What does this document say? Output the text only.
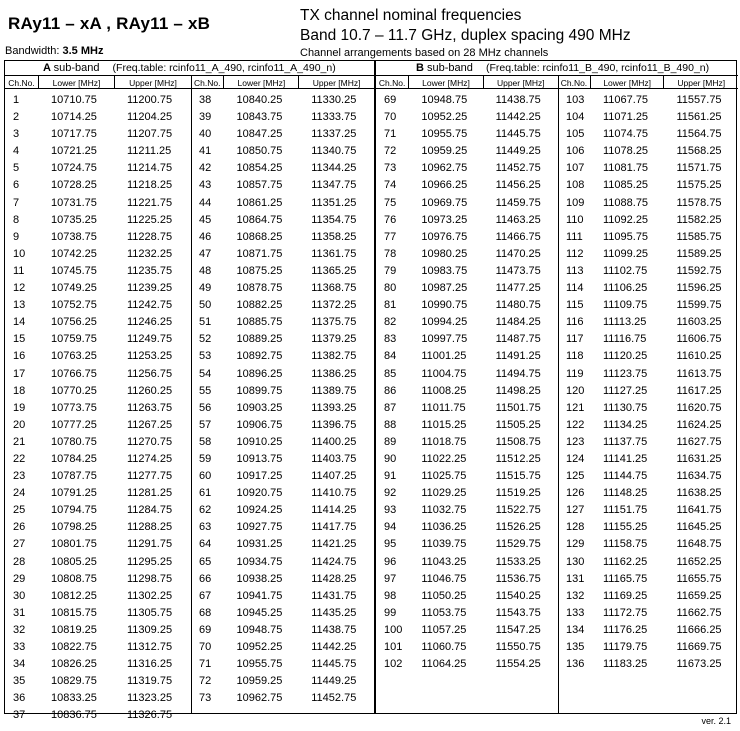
RAy11 – xA , RAy11 – xB
Bandwidth: 3.5 MHz
TX channel nominal frequencies
Band 10.7 – 11.7 GHz, duplex spacing 490 MHz
Channel arrangements based on 28 MHz channels
A sub-band (Freq.table: rcinfo11_A_490, rcinfo11_A_490_n)
Ch.No.	Lower [MHz]	Upper [MHz]
1	10710.75	11200.75
2	10714.25	11204.25
3	10717.75	11207.75
4	10721.25	11211.25
5	10724.75	11214.75
6	10728.25	11218.25
7	10731.75	11221.75
8	10735.25	11225.25
9	10738.75	11228.75
10	10742.25	11232.25
11	10745.75	11235.75
12	10749.25	11239.25
13	10752.75	11242.75
14	10756.25	11246.25
15	10759.75	11249.75
16	10763.25	11253.25
17	10766.75	11256.75
18	10770.25	11260.25
19	10773.75	11263.75
20	10777.25	11267.25
21	10780.75	11270.75
22	10784.25	11274.25
23	10787.75	11277.75
24	10791.25	11281.25
25	10794.75	11284.75
26	10798.25	11288.25
27	10801.75	11291.75
28	10805.25	11295.25
29	10808.75	11298.75
30	10812.25	11302.25
31	10815.75	11305.75
32	10819.25	11309.25
33	10822.75	11312.75
34	10826.25	11316.25
35	10829.75	11319.75
36	10833.25	11323.25
37	10836.75	11326.75
Ch.No.	Lower [MHz]	Upper [MHz]
38	10840.25	11330.25
39	10843.75	11333.75
40	10847.25	11337.25
41	10850.75	11340.75
42	10854.25	11344.25
43	10857.75	11347.75
44	10861.25	11351.25
45	10864.75	11354.75
46	10868.25	11358.25
47	10871.75	11361.75
48	10875.25	11365.25
49	10878.75	11368.75
50	10882.25	11372.25
51	10885.75	11375.75
52	10889.25	11379.25
53	10892.75	11382.75
54	10896.25	11386.25
55	10899.75	11389.75
56	10903.25	11393.25
57	10906.75	11396.75
58	10910.25	11400.25
59	10913.75	11403.75
60	10917.25	11407.25
61	10920.75	11410.75
62	10924.25	11414.25
63	10927.75	11417.75
64	10931.25	11421.25
65	10934.75	11424.75
66	10938.25	11428.25
67	10941.75	11431.75
68	10945.25	11435.25
69	10948.75	11438.75
70	10952.25	11442.25
71	10955.75	11445.75
72	10959.25	11449.25
73	10962.75	11452.75
B sub-band (Freq.table: rcinfo11_B_490, rcinfo11_B_490_n)
Ch.No.	Lower [MHz]	Upper [MHz]
69	10948.75	11438.75
70	10952.25	11442.25
71	10955.75	11445.75
72	10959.25	11449.25
73	10962.75	11452.75
74	10966.25	11456.25
75	10969.75	11459.75
76	10973.25	11463.25
77	10976.75	11466.75
78	10980.25	11470.25
79	10983.75	11473.75
80	10987.25	11477.25
81	10990.75	11480.75
82	10994.25	11484.25
83	10997.75	11487.75
84	11001.25	11491.25
85	11004.75	11494.75
86	11008.25	11498.25
87	11011.75	11501.75
88	11015.25	11505.25
89	11018.75	11508.75
90	11022.25	11512.25
91	11025.75	11515.75
92	11029.25	11519.25
93	11032.75	11522.75
94	11036.25	11526.25
95	11039.75	11529.75
96	11043.25	11533.25
97	11046.75	11536.75
98	11050.25	11540.25
99	11053.75	11543.75
100	11057.25	11547.25
101	11060.75	11550.75
102	11064.25	11554.25
Ch.No.	Lower [MHz]	Upper [MHz]
103	11067.75	11557.75
104	11071.25	11561.25
105	11074.75	11564.75
106	11078.25	11568.25
107	11081.75	11571.75
108	11085.25	11575.25
109	11088.75	11578.75
110	11092.25	11582.25
111	11095.75	11585.75
112	11099.25	11589.25
113	11102.75	11592.75
114	11106.25	11596.25
115	11109.75	11599.75
116	11113.25	11603.25
117	11116.75	11606.75
118	11120.25	11610.25
119	11123.75	11613.75
120	11127.25	11617.25
121	11130.75	11620.75
122	11134.25	11624.25
123	11137.75	11627.75
124	11141.25	11631.25
125	11144.75	11634.75
126	11148.25	11638.25
127	11151.75	11641.75
128	11155.25	11645.25
129	11158.75	11648.75
130	11162.25	11652.25
131	11165.75	11655.75
132	11169.25	11659.25
133	11172.75	11662.75
134	11176.25	11666.25
135	11179.75	11669.75
136	11183.25	11673.25
ver. 2.1
